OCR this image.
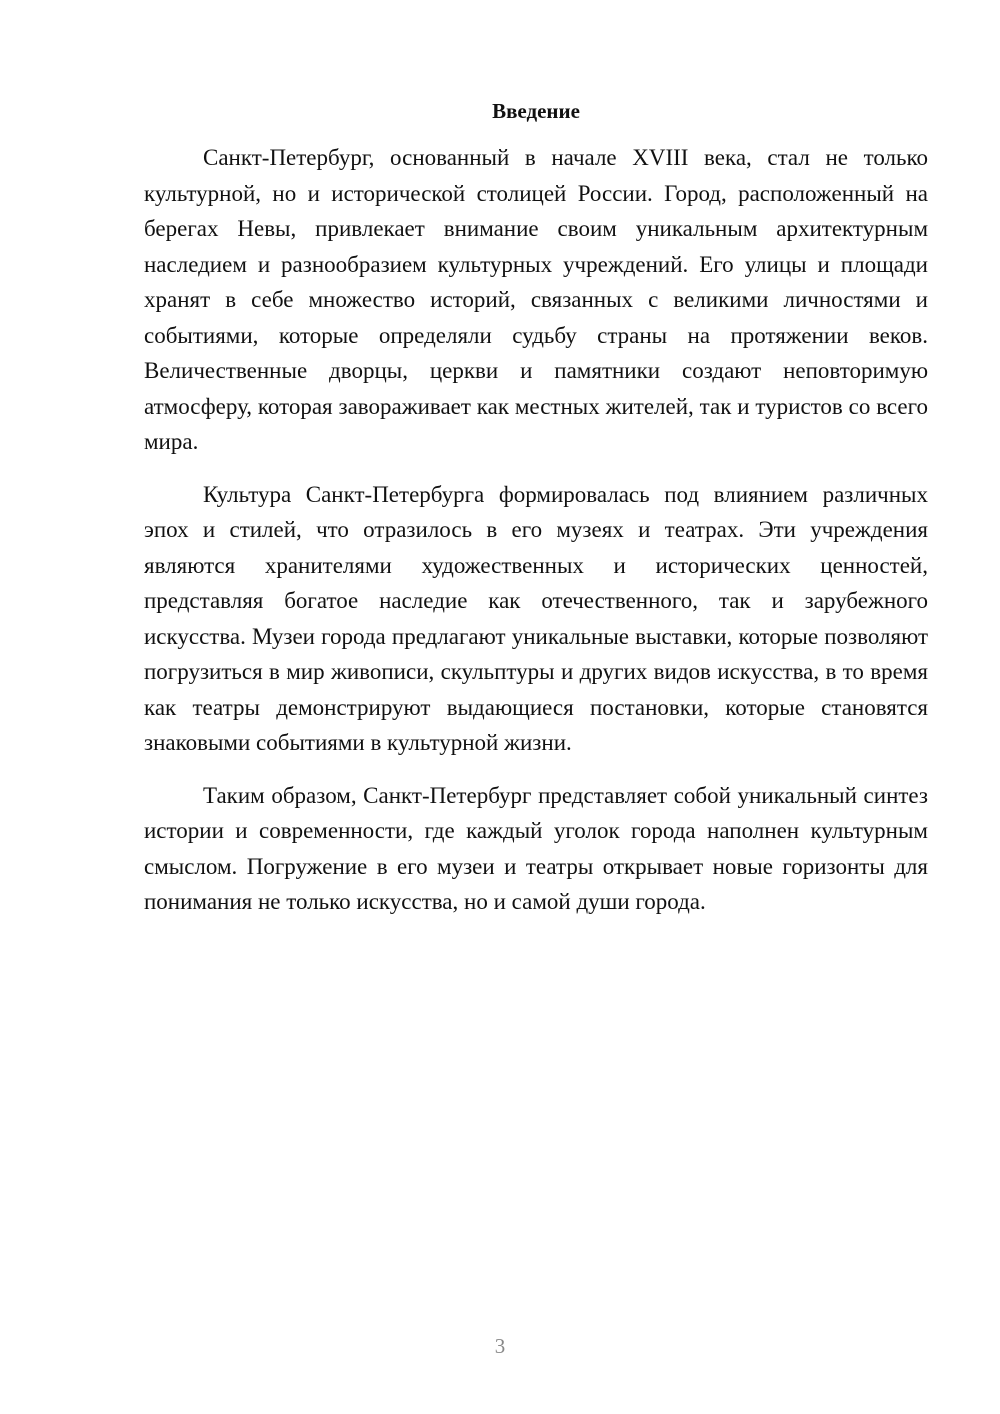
Введение

Санкт-Петербург, основанный в начале XVIII века, стал не только культурной, но и исторической столицей России. Город, расположенный на берегах Невы, привлекает внимание своим уникальным архитектурным наследием и разнообразием культурных учреждений. Его улицы и площади хранят в себе множество историй, связанных с великими личностями и событиями, которые определяли судьбу страны на протяжении веков. Величественные дворцы, церкви и памятники создают неповторимую атмосферу, которая завораживает как местных жителей, так и туристов со всего мира.

Культура Санкт-Петербурга формировалась под влиянием различных эпох и стилей, что отразилось в его музеях и театрах. Эти учреждения являются хранителями художественных и исторических ценностей, представляя богатое наследие как отечественного, так и зарубежного искусства. Музеи города предлагают уникальные выставки, которые позволяют погрузиться в мир живописи, скульптуры и других видов искусства, в то время как театры демонстрируют выдающиеся постановки, которые становятся знаковыми событиями в культурной жизни.

Таким образом, Санкт-Петербург представляет собой уникальный синтез истории и современности, где каждый уголок города наполнен культурным смыслом. Погружение в его музеи и театры открывает новые горизонты для понимания не только искусства, но и самой души города.

3
